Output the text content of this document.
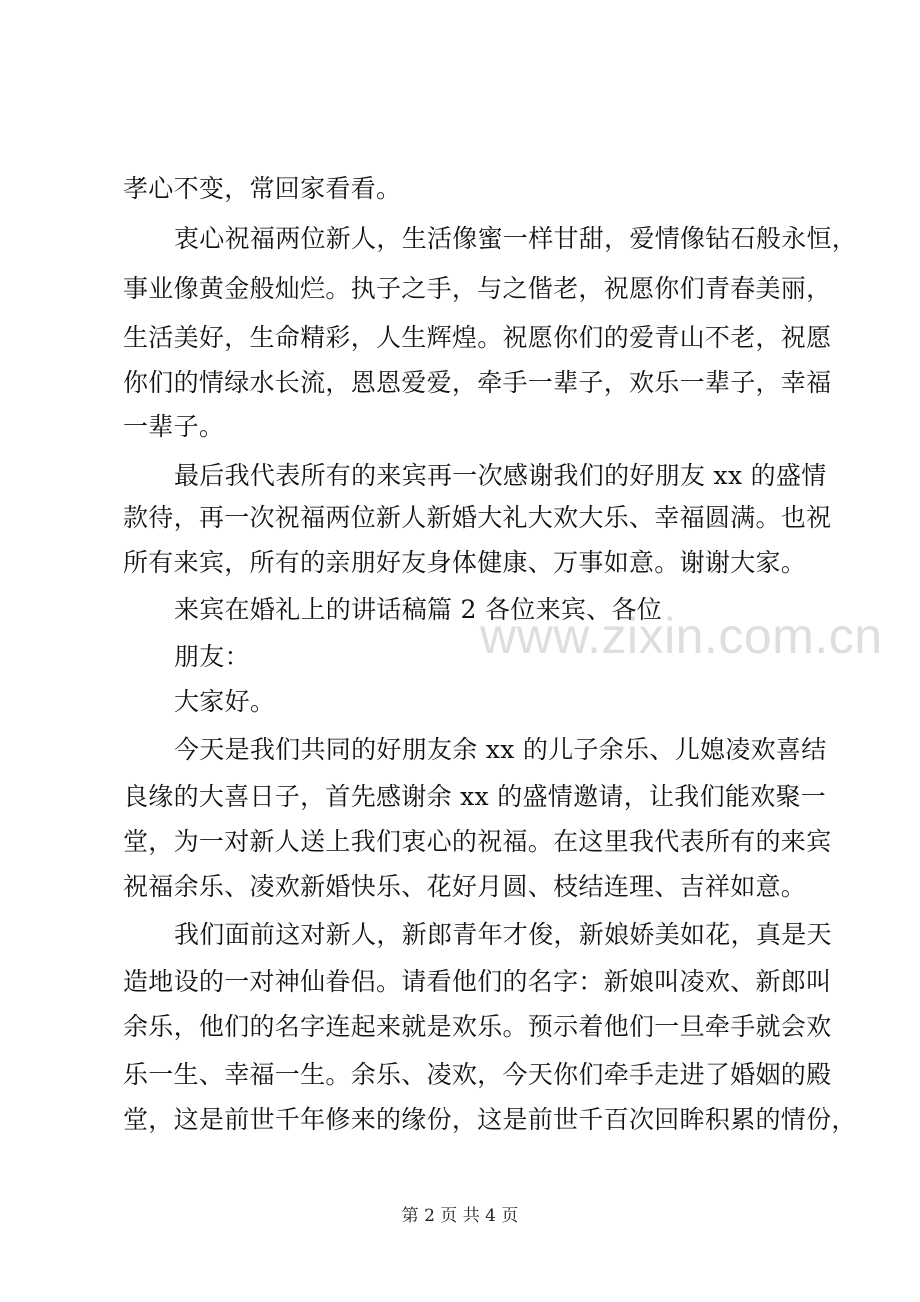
孝心不变，常回家看看。
衷心祝福两位新人，生活像蜜一样甘甜，爱情像钻石般永恒，
事业像黄金般灿烂。执子之手，与之偕老，祝愿你们青春美丽，
生活美好，生命精彩，人生辉煌。祝愿你们的爱青山不老，祝愿
你们的情绿水长流，恩恩爱爱，牵手一辈子，欢乐一辈子，幸福
一辈子。
最后我代表所有的来宾再一次感谢我们的好朋友 xx 的盛情
款待，再一次祝福两位新人新婚大礼大欢大乐、幸福圆满。也祝
所有来宾，所有的亲朋好友身体健康、万事如意。谢谢大家。
来宾在婚礼上的讲话稿篇 2 各位来宾、各位
朋友：
大家好。
今天是我们共同的好朋友余 xx 的儿子余乐、儿媳凌欢喜结
良缘的大喜日子，首先感谢余 xx 的盛情邀请，让我们能欢聚一
堂，为一对新人送上我们衷心的祝福。在这里我代表所有的来宾
祝福余乐、凌欢新婚快乐、花好月圆、枝结连理、吉祥如意。
我们面前这对新人，新郎青年才俊，新娘娇美如花，真是天
造地设的一对神仙眷侣。请看他们的名字：新娘叫凌欢、新郎叫
余乐，他们的名字连起来就是欢乐。预示着他们一旦牵手就会欢
乐一生、幸福一生。余乐、凌欢，今天你们牵手走进了婚姻的殿
堂，这是前世千年修来的缘份，这是前世千百次回眸积累的情份，
www.zixin.com.cn
第 2 页 共 4 页
